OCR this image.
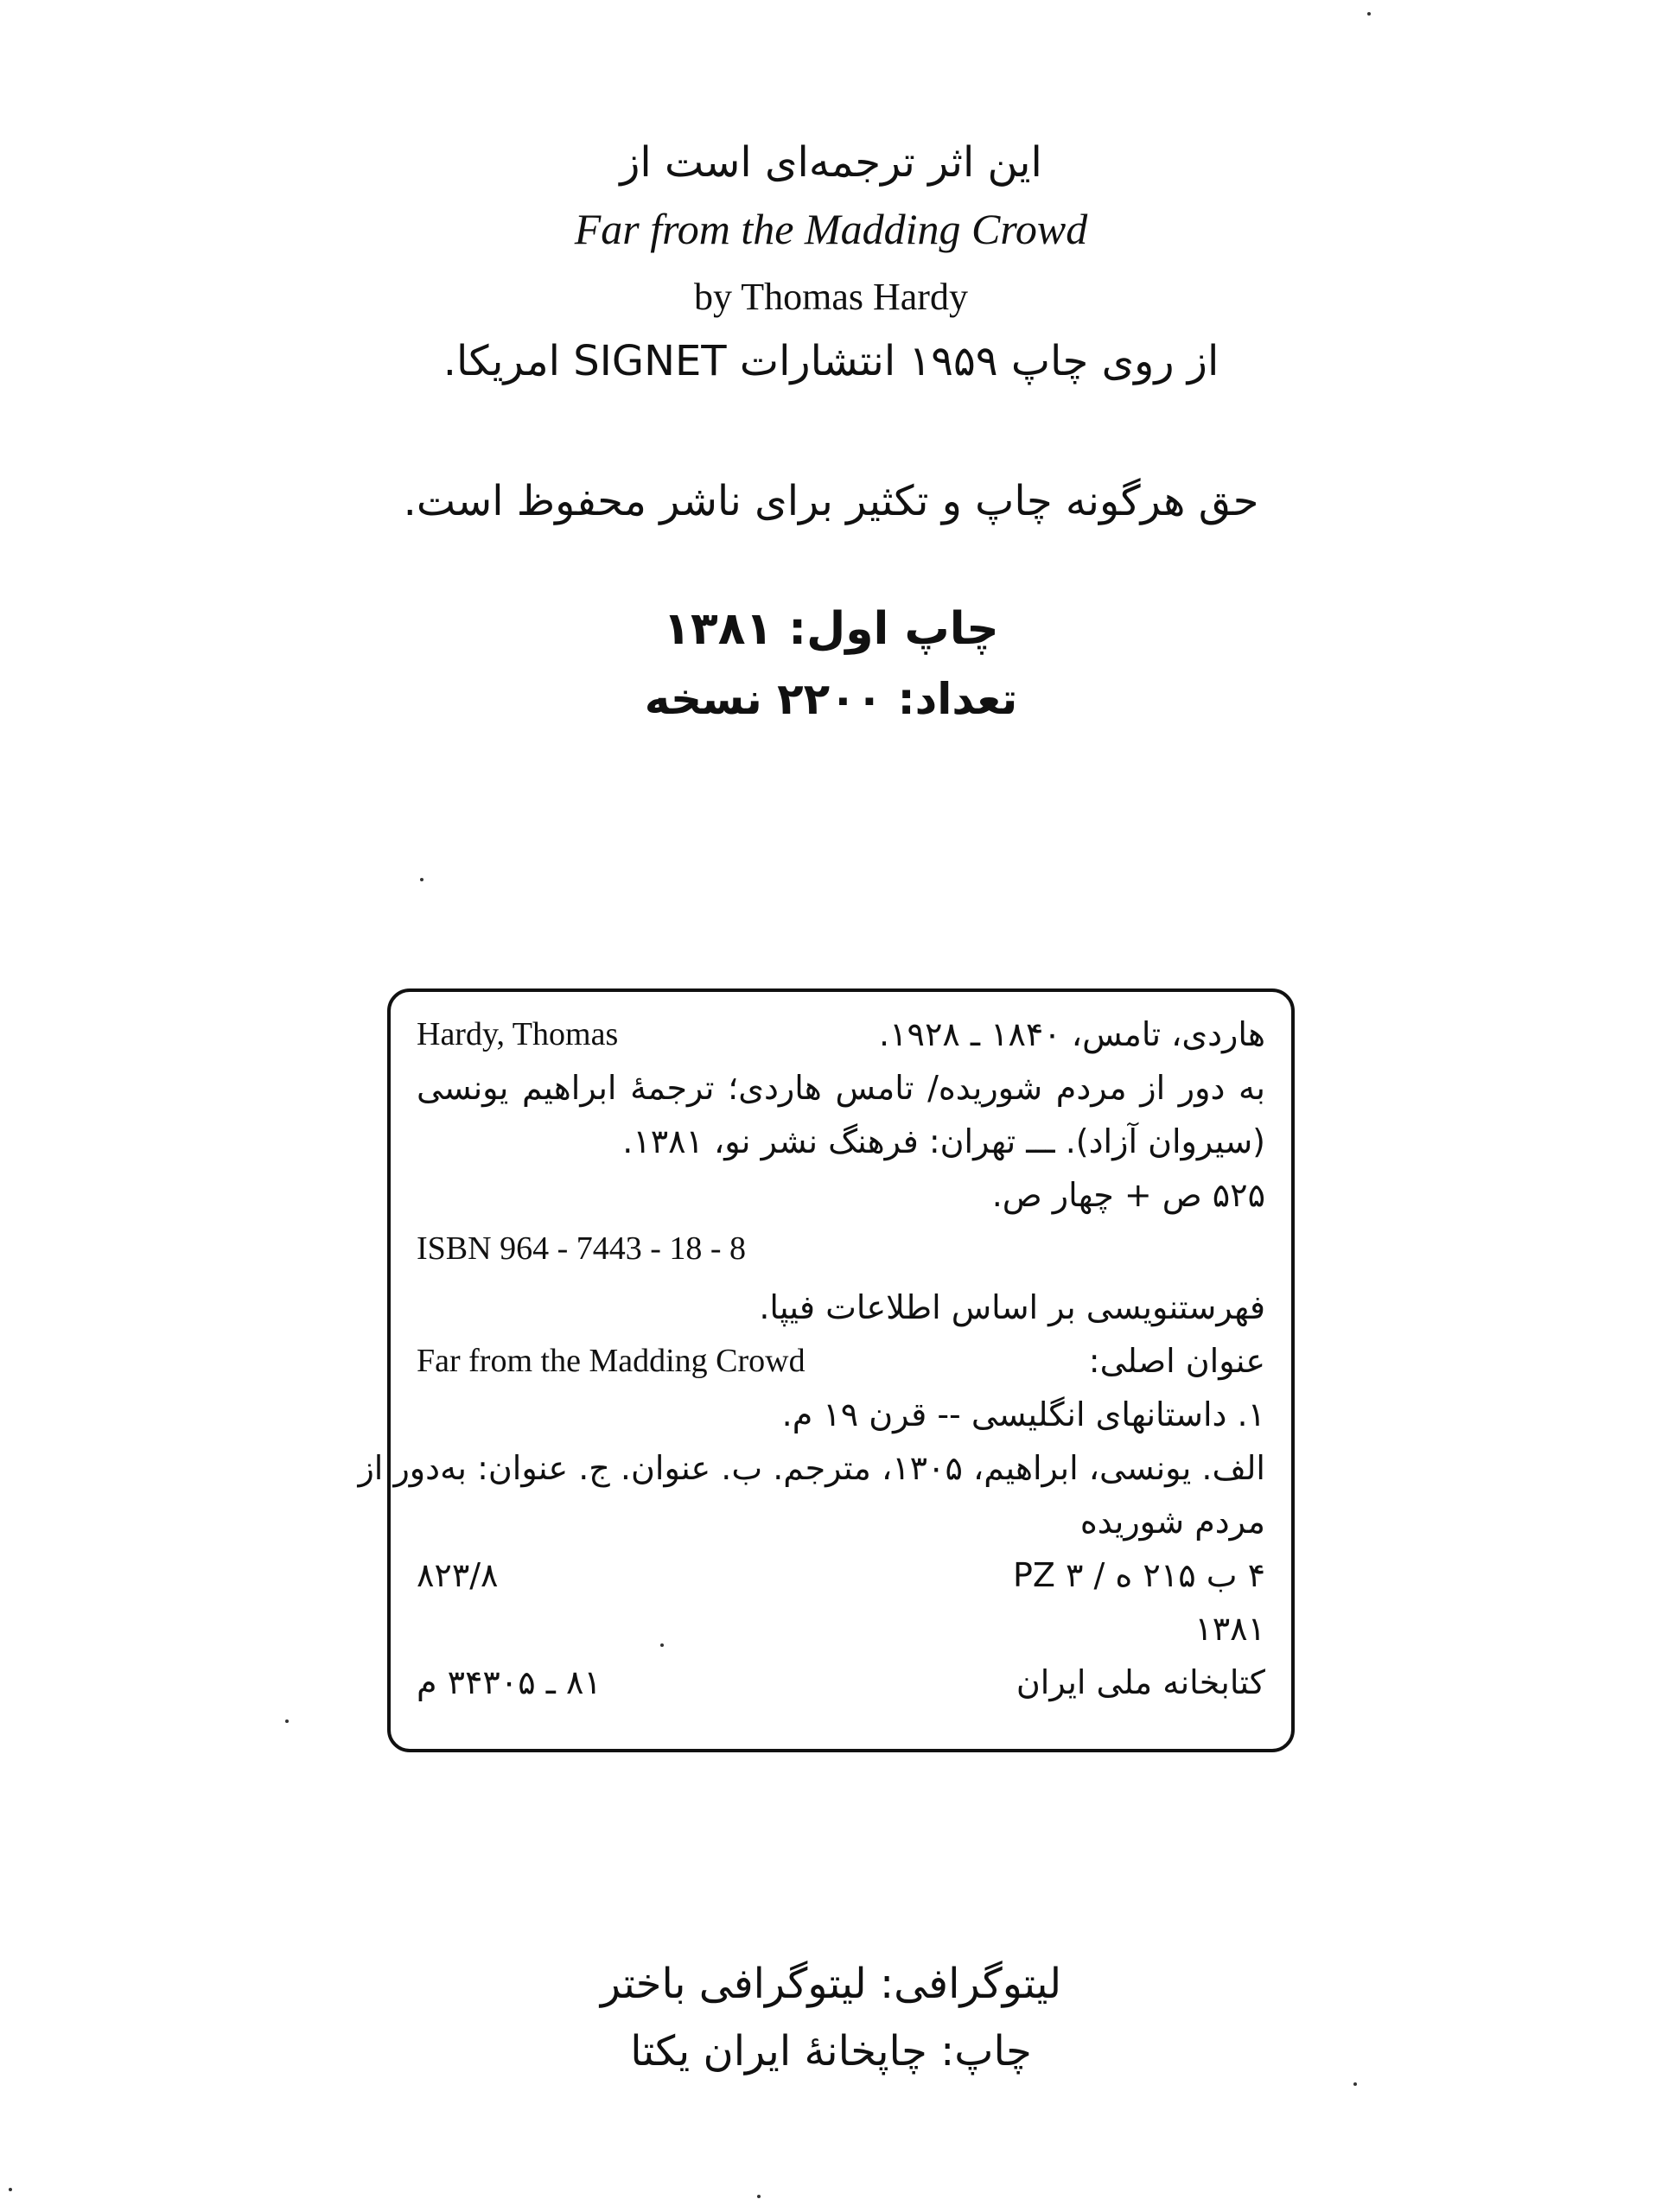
این اثر ترجمه‌ای است از
Far from the Madding Crowd
by Thomas Hardy
از روی چاپ ۱۹۵۹ انتشارات SIGNET امریکا.
حق هرگونه چاپ و تکثیر برای ناشر محفوظ است.
چاپ اول: ۱۳۸۱
تعداد: ۲۲۰۰ نسخه
هاردی، تامس، ۱۸۴۰ ـ ۱۹۲۸.
Hardy, Thomas
به دور از مردم شوریده/ تامس هاردی؛ ترجمهٔ ابراهیم یونسی
(سیروان آزاد). ـــ تهران: فرهنگ نشر نو، ۱۳۸۱.
۵۲۵ ص + چهار ص.
ISBN 964 - 7443 - 18 - 8
فهرستنویسی بر اساس اطلاعات فیپا.
عنوان اصلی:
Far from the Madding Crowd
۱. داستانهای انگلیسی -- قرن ۱۹ م.
الف. یونسی، ابراهیم، ۱۳۰۵، مترجم. ب. عنوان. ج. عنوان: به‌دور از
مردم شوریده
۴ ب ۲۱۵ ه / ۳ PZ
۸۲۳/۸
۱۳۸۱
کتابخانه ملی ایران
۸۱ ـ ۳۴۳۰۵ م
لیتوگرافی: لیتوگرافی باختر
چاپ: چاپخانهٔ ایران یکتا
